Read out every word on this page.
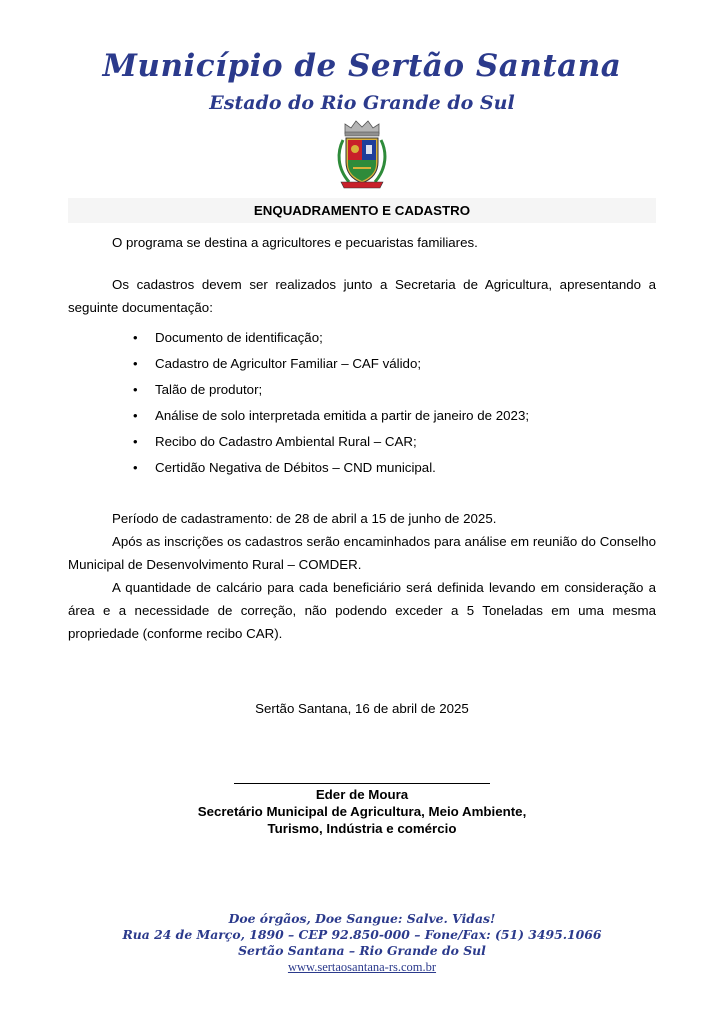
Município de Sertão Santana
Estado do Rio Grande do Sul
ENQUADRAMENTO E CADASTRO

O programa se destina a agricultores e pecuaristas familiares.

Os cadastros devem ser realizados junto a Secretaria de Agricultura, apresentando a seguinte documentação:

• Documento de identificação;
• Cadastro de Agricultor Familiar – CAF válido;
• Talão de produtor;
• Análise de solo interpretada emitida a partir de janeiro de 2023;
• Recibo do Cadastro Ambiental Rural – CAR;
• Certidão Negativa de Débitos – CND municipal.

Período de cadastramento: de 28 de abril a 15 de junho de 2025.

Após as inscrições os cadastros serão encaminhados para análise em reunião do Conselho Municipal de Desenvolvimento Rural – COMDER.

A quantidade de calcário para cada beneficiário será definida levando em consideração a área e a necessidade de correção, não podendo exceder a 5 Toneladas em uma mesma propriedade (conforme recibo CAR).

Sertão Santana, 16 de abril de 2025
Eder de Moura
Secretário Municipal de Agricultura, Meio Ambiente,
Turismo, Indústria e comércio
Doe órgãos, Doe Sangue: Salve. Vidas!
Rua 24 de Março, 1890 – CEP 92.850-000 – Fone/Fax: (51) 3495.1066
Sertão Santana – Rio Grande do Sul
www.sertaosantana-rs.com.br
